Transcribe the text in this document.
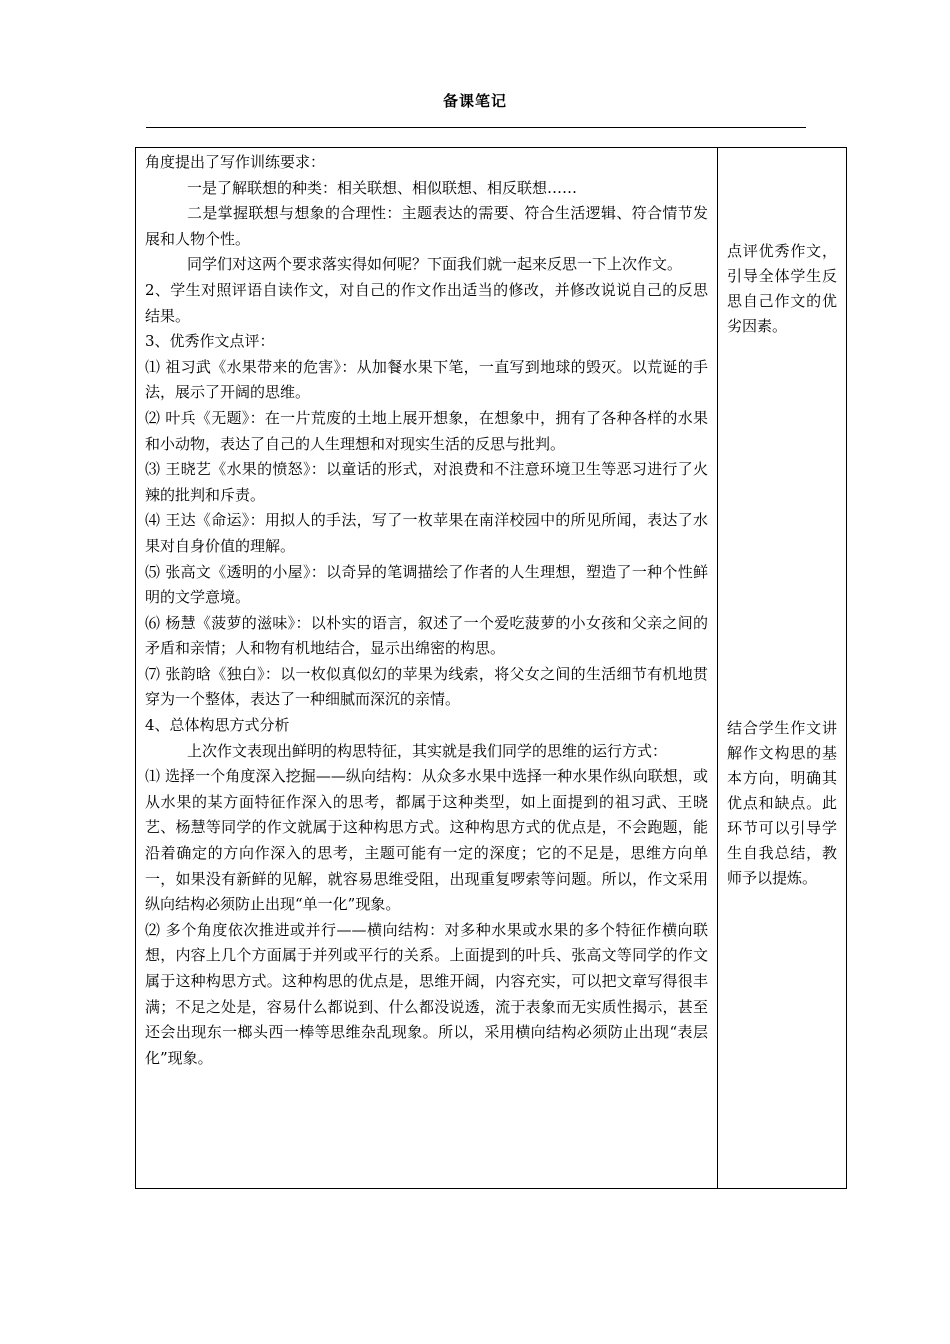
备课笔记

角度提出了写作训练要求：

一是了解联想的种类：相关联想、相似联想、相反联想……

二是掌握联想与想象的合理性：主题表达的需要、符合生活逻辑、符合情节发展和人物个性。

同学们对这两个要求落实得如何呢？下面我们就一起来反思一下上次作文。

2、学生对照评语自读作文，对自己的作文作出适当的修改，并修改说说自己的反思结果。

3、优秀作文点评：

⑴ 祖习武《水果带来的危害》：从加餐水果下笔，一直写到地球的毁灭。以荒诞的手法，展示了开阔的思维。

⑵ 叶兵《无题》：在一片荒废的土地上展开想象，在想象中，拥有了各种各样的水果和小动物，表达了自己的人生理想和对现实生活的反思与批判。

⑶ 王晓艺《水果的愤怒》：以童话的形式，对浪费和不注意环境卫生等恶习进行了火辣的批判和斥责。

⑷ 王达《命运》：用拟人的手法，写了一枚苹果在南洋校园中的所见所闻，表达了水果对自身价值的理解。

⑸ 张高文《透明的小屋》：以奇异的笔调描绘了作者的人生理想，塑造了一种个性鲜明的文学意境。

⑹ 杨慧《菠萝的滋味》：以朴实的语言，叙述了一个爱吃菠萝的小女孩和父亲之间的矛盾和亲情；人和物有机地结合，显示出绵密的构思。

⑺ 张韵晗《独白》：以一枚似真似幻的苹果为线索，将父女之间的生活细节有机地贯穿为一个整体，表达了一种细腻而深沉的亲情。

4、总体构思方式分析

上次作文表现出鲜明的构思特征，其实就是我们同学的思维的运行方式：

⑴ 选择一个角度深入挖掘——纵向结构：从众多水果中选择一种水果作纵向联想，或从水果的某方面特征作深入的思考，都属于这种类型，如上面提到的祖习武、王晓艺、杨慧等同学的作文就属于这种构思方式。这种构思方式的优点是，不会跑题，能沿着确定的方向作深入的思考，主题可能有一定的深度；它的不足是，思维方向单一，如果没有新鲜的见解，就容易思维受阻，出现重复啰索等问题。所以，作文采用纵向结构必须防止出现“单一化”现象。

⑵ 多个角度依次推进或并行——横向结构：对多种水果或水果的多个特征作横向联想，内容上几个方面属于并列或平行的关系。上面提到的叶兵、张高文等同学的作文属于这种构思方式。这种构思的优点是，思维开阔，内容充实，可以把文章写得很丰满；不足之处是，容易什么都说到、什么都没说透，流于表象而无实质性揭示，甚至还会出现东一榔头西一棒等思维杂乱现象。所以，采用横向结构必须防止出现“表层化”现象。

点评优秀作文，引导全体学生反思自己作文的优劣因素。
结合学生作文讲解作文构思的基本方向，明确其优点和缺点。此环节可以引导学生自我总结，教师予以提炼。
